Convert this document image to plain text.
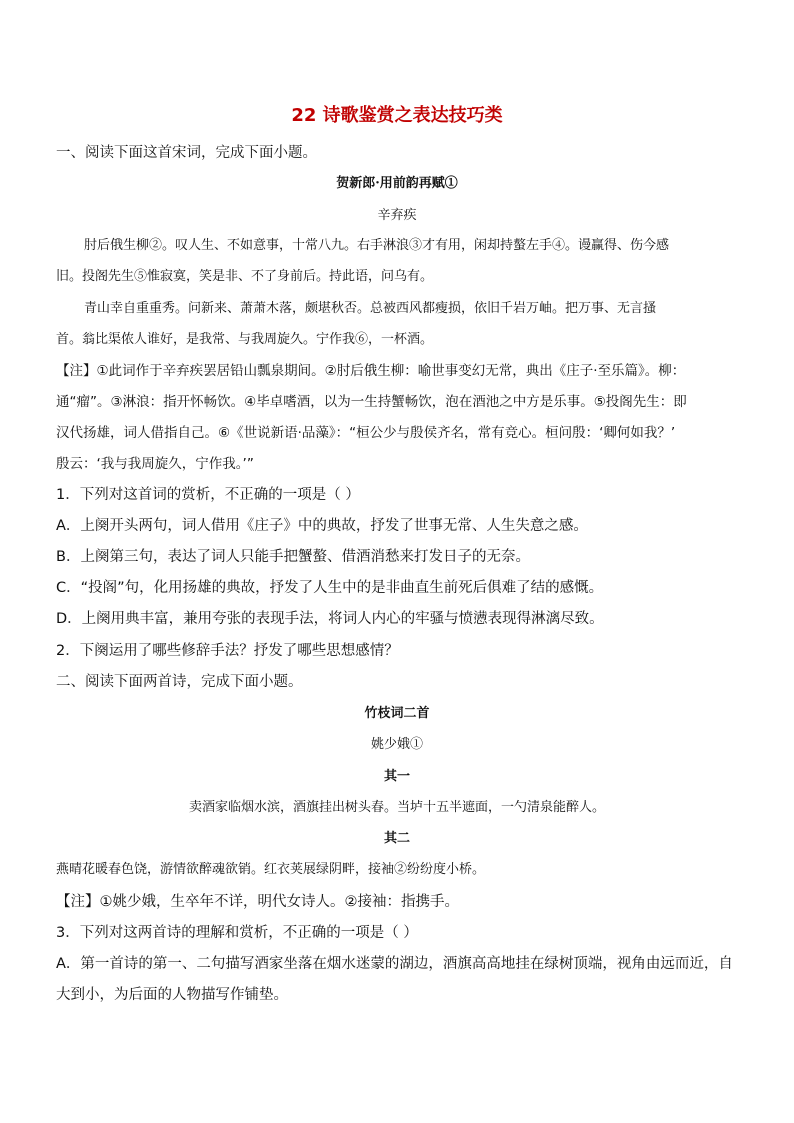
22 诗歌鉴赏之表达技巧类
一、阅读下面这首宋词，完成下面小题。
贺新郎·用前韵再赋①
辛弃疾
肘后俄生柳②。叹人生、不如意事，十常八九。右手淋浪③才有用，闲却持螯左手④。谩赢得、伤今感
旧。投阁先生⑤惟寂寞，笑是非、不了身前后。持此语，问乌有。
青山幸自重重秀。问新来、萧萧木落，颇堪秋否。总被西风都瘦损，依旧千岩万岫。把万事、无言搔
首。翁比渠侬人谁好，是我常、与我周旋久。宁作我⑥，一杯酒。
【注】①此词作于辛弃疾罢居铅山瓢泉期间。②肘后俄生柳：喻世事变幻无常，典出《庄子·至乐篇》。柳：
通“瘤”。③淋浪：指开怀畅饮。④毕卓嗜酒，以为一生持蟹畅饮，泡在酒池之中方是乐事。⑤投阁先生：即
汉代扬雄，词人借指自己。⑥《世说新语·品藻》：“桓公少与殷侯齐名，常有竞心。桓问殷：‘卿何如我？’
殷云：‘我与我周旋久，宁作我。’”
1．下列对这首词的赏析，不正确的一项是（ ）
A．上阕开头两句，词人借用《庄子》中的典故，抒发了世事无常、人生失意之感。
B．上阕第三句，表达了词人只能手把蟹螯、借酒消愁来打发日子的无奈。
C．“投阁”句，化用扬雄的典故，抒发了人生中的是非曲直生前死后俱难了结的感慨。
D．上阕用典丰富，兼用夸张的表现手法，将词人内心的牢骚与愤懑表现得淋漓尽致。
2．下阕运用了哪些修辞手法？抒发了哪些思想感情？
二、阅读下面两首诗，完成下面小题。
竹枝词二首
姚少娥①
其一
卖酒家临烟水滨，酒旗挂出树头春。当垆十五半遮面，一勺清泉能醉人。
其二
燕晴花暖春色饶，游情欲醉魂欲销。红衣荚展绿阴畔，接袖②纷纷度小桥。
【注】①姚少娥，生卒年不详，明代女诗人。②接袖：指携手。
3．下列对这两首诗的理解和赏析，不正确的一项是（ ）
A．第一首诗的第一、二句描写酒家坐落在烟水迷蒙的湖边，酒旗高高地挂在绿树顶端，视角由远而近，自
大到小，为后面的人物描写作铺垫。
